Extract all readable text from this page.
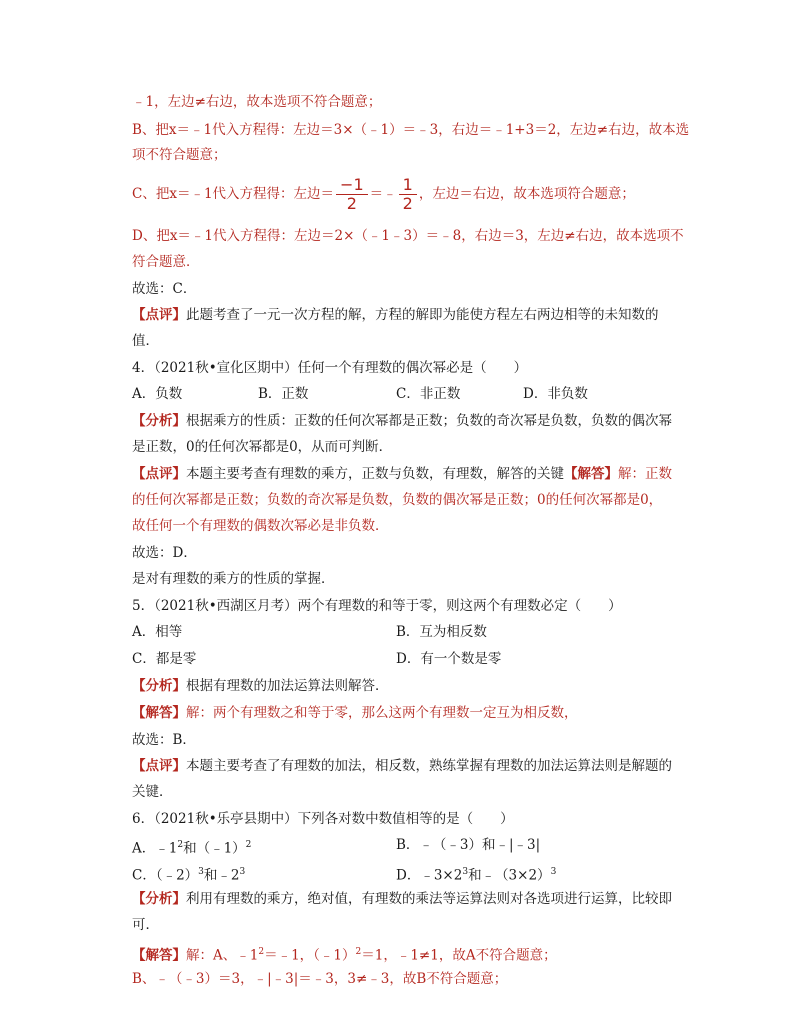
﹣1，左边≠右边，故本选项不符合题意；
B、把x＝﹣1代入方程得：左边＝3×（﹣1）＝﹣3，右边＝﹣1+3＝2，左边≠右边，故本选
项不符合题意；
C、把x＝﹣1代入方程得：左边＝ $\frac{-1}{2}$ ＝﹣ $\frac{1}{2}$ ，左边＝右边，故本选项符合题意；
D、把x＝﹣1代入方程得：左边＝2×（﹣1﹣3）＝﹣8，右边＝3，左边≠右边，故本选项不
符合题意．
故选：C．
【点评】此题考查了一元一次方程的解，方程的解即为能使方程左右两边相等的未知数的
值．
4．（2021秋•宣化区期中）任何一个有理数的偶次幂必是（　　）
A．负数	B．正数	C．非正数	D．非负数
【分析】根据乘方的性质：正数的任何次幂都是正数；负数的奇次幂是负数，负数的偶次幂
是正数，0的任何次幂都是0，从而可判断．
【点评】本题主要考查有理数的乘方，正数与负数，有理数，解答的关键【解答】解：正数
的任何次幂都是正数；负数的奇次幂是负数，负数的偶次幂是正数；0的任何次幂都是0，
故任何一个有理数的偶数次幂必是非负数．
故选：D．
是对有理数的乘方的性质的掌握．
5．（2021秋•西湖区月考）两个有理数的和等于零，则这两个有理数必定（　　）
A．相等	B．互为相反数
C．都是零	D．有一个数是零
【分析】根据有理数的加法运算法则解答．
【解答】解：两个有理数之和等于零，那么这两个有理数一定互为相反数，
故选：B．
【点评】本题主要考查了有理数的加法，相反数，熟练掌握有理数的加法运算法则是解题的
关键．
6．（2021秋•乐亭县期中）下列各对数中数值相等的是（　　）
A．$﹣1^2$和（﹣1）$^2$	B．﹣（﹣3）和﹣|﹣3|
C．（﹣2）$^3$和$﹣2^3$	D．$﹣3\times 2^3$和$﹣(3\times 2)^3$
【分析】利用有理数的乘方，绝对值，有理数的乘法等运算法则对各选项进行运算，比较即
可．
【解答】解：A、$﹣1^2=﹣1$，（﹣1）$^2$＝1，﹣1≠1，故A不符合题意；
B、﹣（﹣3）＝3，﹣|﹣3|＝﹣3，3≠﹣3，故B不符合题意；
